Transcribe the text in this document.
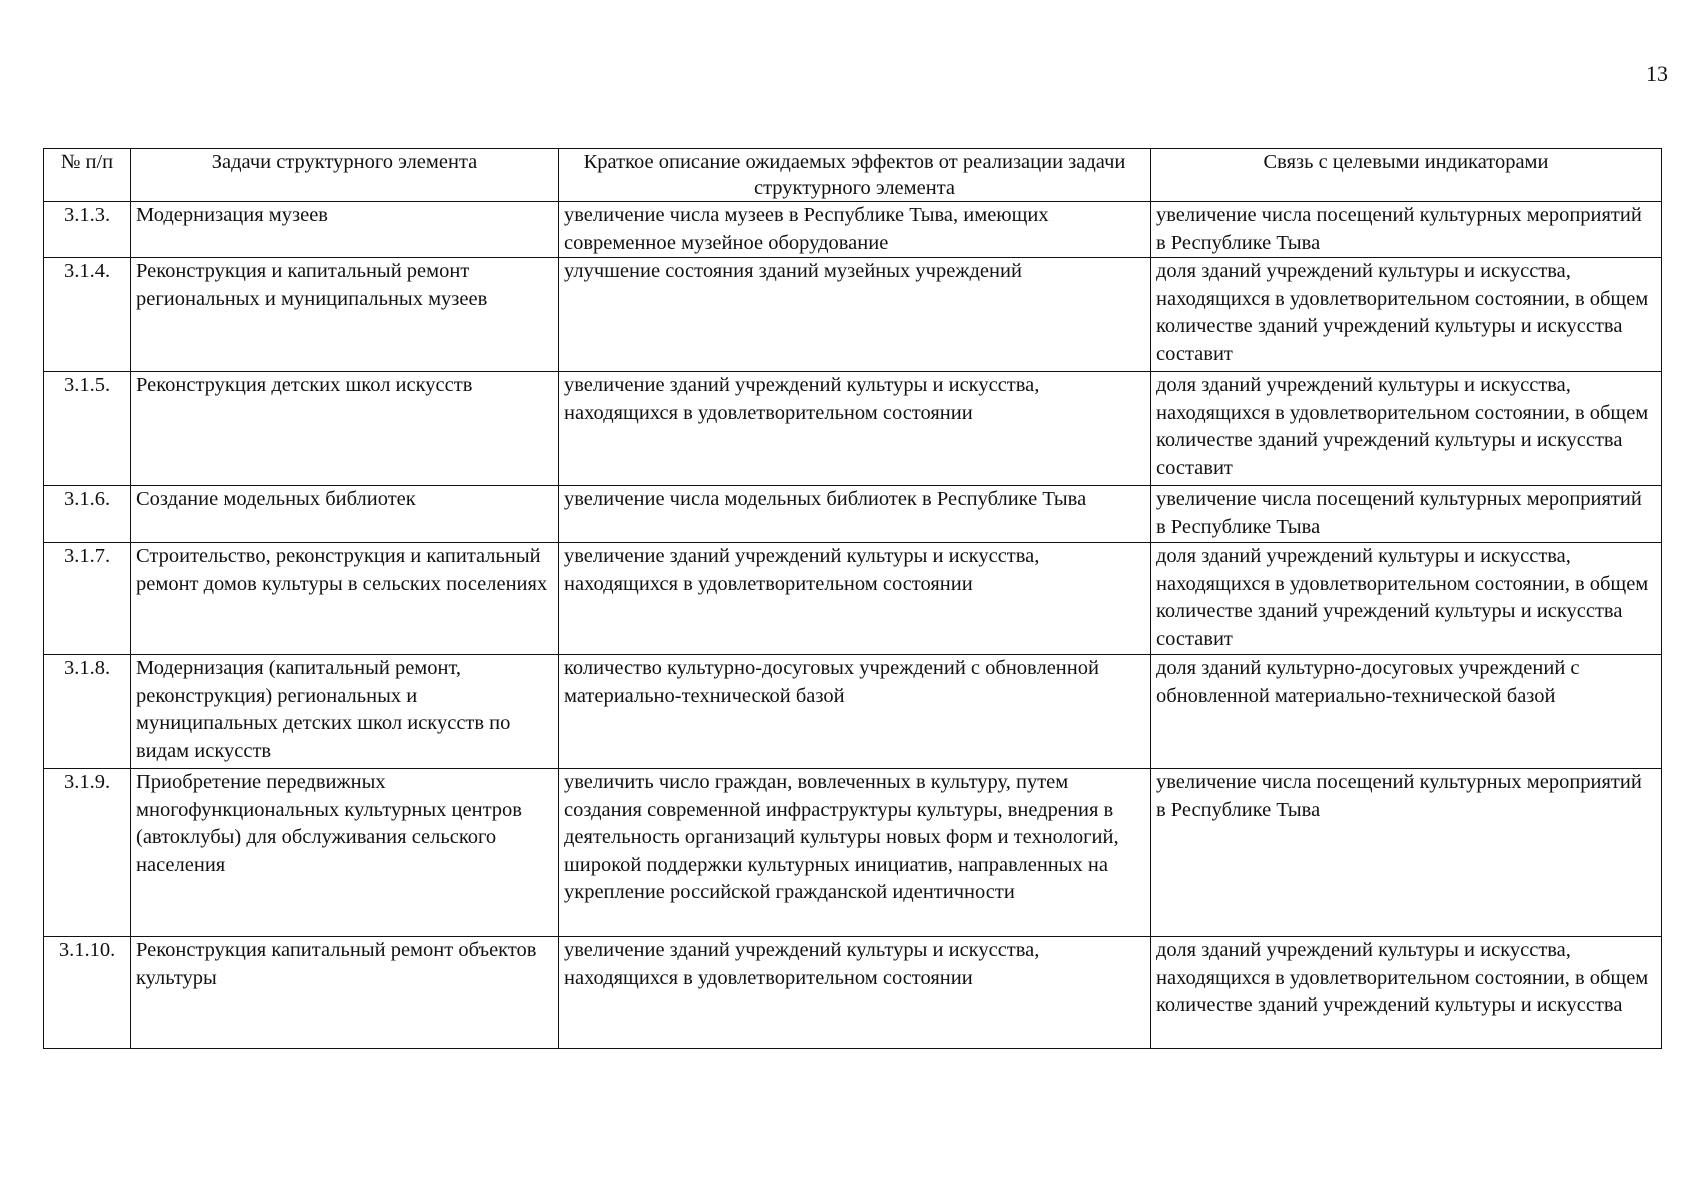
13
№ п/п	Задачи структурного элемента	Краткое описание ожидаемых эффектов от реализации задачи структурного элемента	Связь с целевыми индикаторами
3.1.3.	Модернизация музеев	увеличение числа музеев в Республике Тыва, имеющих современное музейное оборудование	увеличение числа посещений культурных мероприятий в Республике Тыва
3.1.4.	Реконструкция и капитальный ремонт региональных и муниципальных музеев	улучшение состояния зданий музейных учреждений	доля зданий учреждений культуры и искусства, находящихся в удовлетворительном состоянии, в общем количестве зданий учреждений культуры и искусства составит
3.1.5.	Реконструкция детских школ искусств	увеличение зданий учреждений культуры и искусства, находящихся в удовлетворительном состоянии	доля зданий учреждений культуры и искусства, находящихся в удовлетворительном состоянии, в общем количестве зданий учреждений культуры и искусства составит
3.1.6.	Создание модельных библиотек	увеличение числа модельных библиотек в Республике Тыва	увеличение числа посещений культурных мероприятий в Республике Тыва
3.1.7.	Строительство, реконструкция и капитальный ремонт домов культуры в сельских поселениях	увеличение зданий учреждений культуры и искусства, находящихся в удовлетворительном состоянии	доля зданий учреждений культуры и искусства, находящихся в удовлетворительном состоянии, в общем количестве зданий учреждений культуры и искусства составит
3.1.8.	Модернизация (капитальный ремонт, реконструкция) региональных и муниципальных детских школ искусств по видам искусств	количество культурно-досуговых учреждений с обновленной материально-технической базой	доля зданий культурно-досуговых учреждений с обновленной материально-технической базой
3.1.9.	Приобретение передвижных многофункциональных культурных центров (автоклубы) для обслуживания сельского населения	увеличить число граждан, вовлеченных в культуру, путем создания современной инфраструктуры культуры, внедрения в деятельность организаций культуры новых форм и технологий, широкой поддержки культурных инициатив, направленных на укрепление российской гражданской идентичности	увеличение числа посещений культурных мероприятий в Республике Тыва
3.1.10.	Реконструкция капитальный ремонт объектов культуры	увеличение зданий учреждений культуры и искусства, находящихся в удовлетворительном состоянии	доля зданий учреждений культуры и искусства, находящихся в удовлетворительном состоянии, в общем количестве зданий учреждений культуры и искусства
